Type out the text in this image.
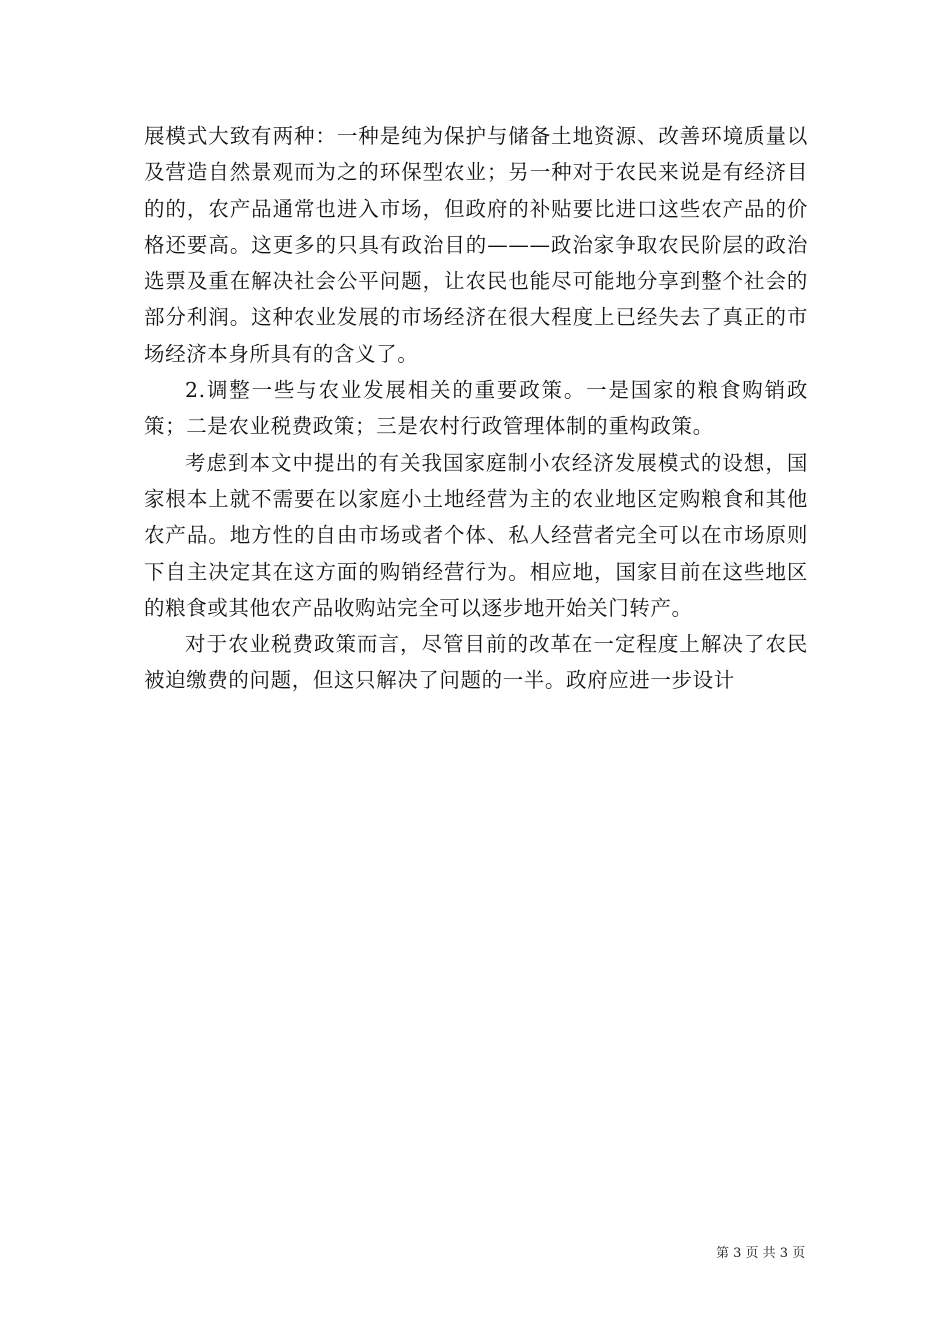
展模式大致有两种：一种是纯为保护与储备土地资源、改善环境质量以及营造自然景观而为之的环保型农业；另一种对于农民来说是有经济目的的，农产品通常也进入市场，但政府的补贴要比进口这些农产品的价格还要高。这更多的只具有政治目的———政治家争取农民阶层的政治选票及重在解决社会公平问题，让农民也能尽可能地分享到整个社会的部分利润。这种农业发展的市场经济在很大程度上已经失去了真正的市场经济本身所具有的含义了。

2.调整一些与农业发展相关的重要政策。一是国家的粮食购销政策；二是农业税费政策；三是农村行政管理体制的重构政策。

考虑到本文中提出的有关我国家庭制小农经济发展模式的设想，国家根本上就不需要在以家庭小土地经营为主的农业地区定购粮食和其他农产品。地方性的自由市场或者个体、私人经营者完全可以在市场原则下自主决定其在这方面的购销经营行为。相应地，国家目前在这些地区的粮食或其他农产品收购站完全可以逐步地开始关门转产。

对于农业税费政策而言，尽管目前的改革在一定程度上解决了农民被迫缴费的问题，但这只解决了问题的一半。政府应进一步设计

第 3 页 共 3 页
